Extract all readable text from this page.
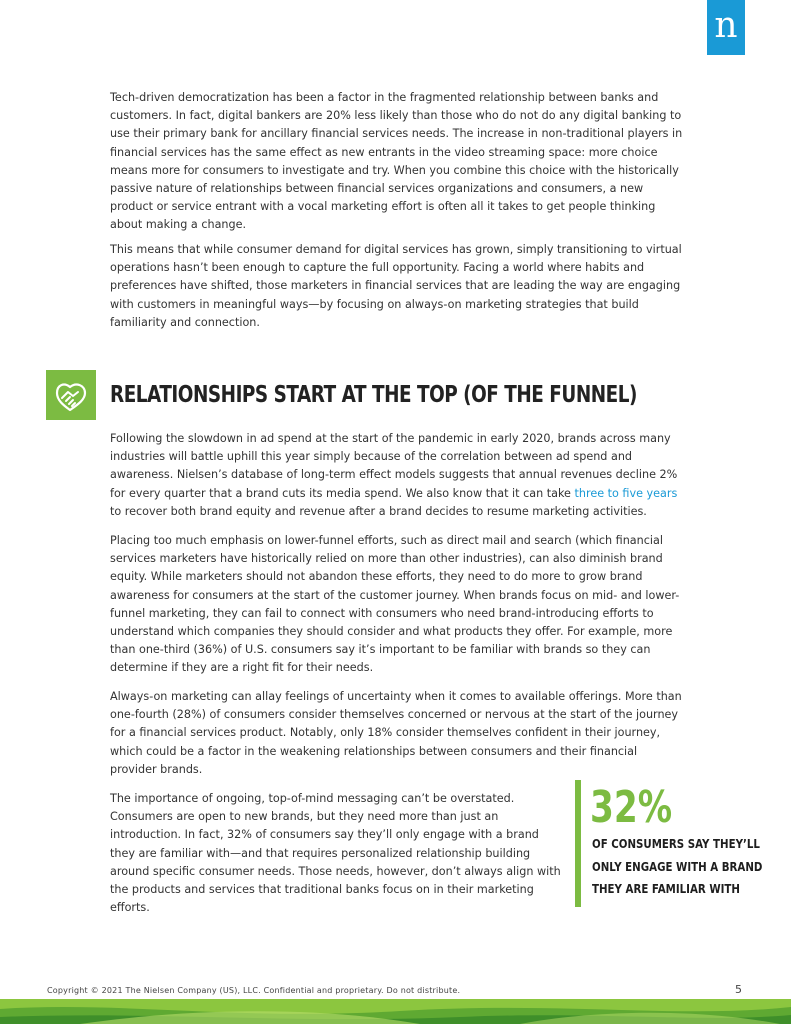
n

Tech-driven democratization has been a factor in the fragmented relationship between banks and customers. In fact, digital bankers are 20% less likely than those who do not do any digital banking to use their primary bank for ancillary financial services needs. The increase in non-traditional players in financial services has the same effect as new entrants in the video streaming space: more choice means more for consumers to investigate and try. When you combine this choice with the historically passive nature of relationships between financial services organizations and consumers, a new product or service entrant with a vocal marketing effort is often all it takes to get people thinking about making a change.

This means that while consumer demand for digital services has grown, simply transitioning to virtual operations hasn’t been enough to capture the full opportunity. Facing a world where habits and preferences have shifted, those marketers in financial services that are leading the way are engaging with customers in meaningful ways—by focusing on always-on marketing strategies that build familiarity and connection.

RELATIONSHIPS START AT THE TOP (OF THE FUNNEL)

Following the slowdown in ad spend at the start of the pandemic in early 2020, brands across many industries will battle uphill this year simply because of the correlation between ad spend and awareness. Nielsen’s database of long-term effect models suggests that annual revenues decline 2% for every quarter that a brand cuts its media spend. We also know that it can take three to five years to recover both brand equity and revenue after a brand decides to resume marketing activities.

Placing too much emphasis on lower-funnel efforts, such as direct mail and search (which financial services marketers have historically relied on more than other industries), can also diminish brand equity. While marketers should not abandon these efforts, they need to do more to grow brand awareness for consumers at the start of the customer journey. When brands focus on mid- and lower-funnel marketing, they can fail to connect with consumers who need brand-introducing efforts to understand which companies they should consider and what products they offer. For example, more than one-third (36%) of U.S. consumers say it’s important to be familiar with brands so they can determine if they are a right fit for their needs.

Always-on marketing can allay feelings of uncertainty when it comes to available offerings. More than one-fourth (28%) of consumers consider themselves concerned or nervous at the start of the journey for a financial services product. Notably, only 18% consider themselves confident in their journey, which could be a factor in the weakening relationships between consumers and their financial provider brands.

The importance of ongoing, top-of-mind messaging can’t be overstated. Consumers are open to new brands, but they need more than just an introduction. In fact, 32% of consumers say they’ll only engage with a brand they are familiar with—and that requires personalized relationship building around specific consumer needs. Those needs, however, don’t always align with the products and services that traditional banks focus on in their marketing efforts.

32%
OF CONSUMERS SAY THEY’LL
ONLY ENGAGE WITH A BRAND
THEY ARE FAMILIAR WITH
Copyright © 2021 The Nielsen Company (US), LLC. Confidential and proprietary. Do not distribute.	5
